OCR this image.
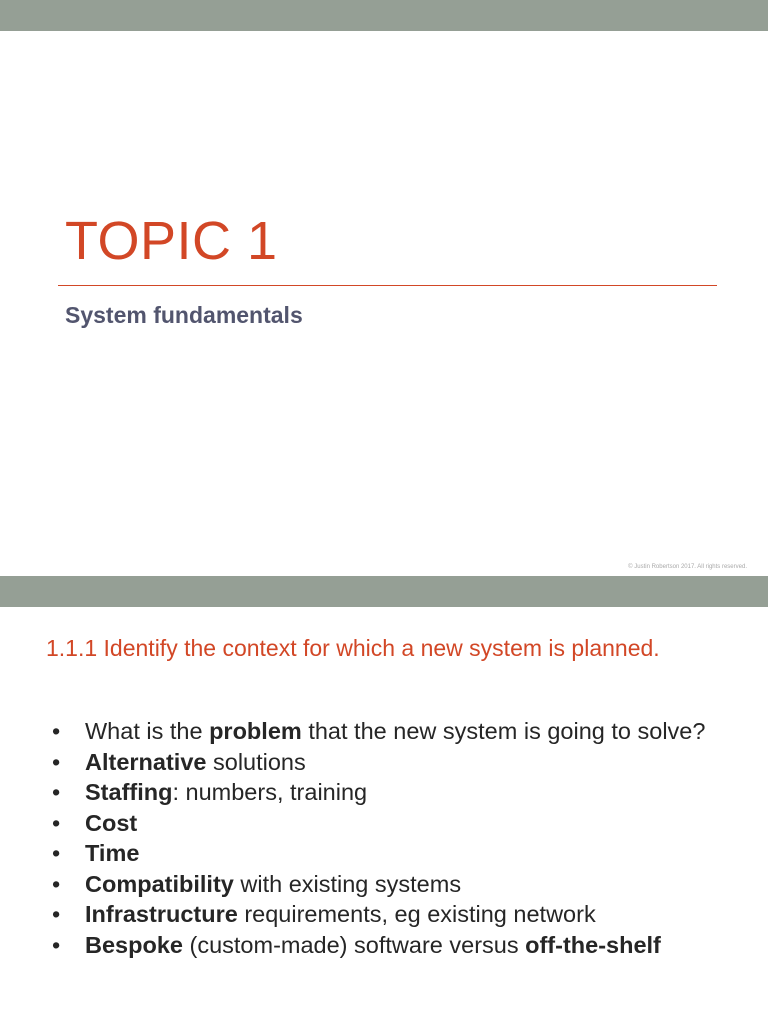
TOPIC 1
System fundamentals
© Justin Robertson 2017. All rights reserved.
1.1.1 Identify the context for which a new system is planned.
• What is the problem that the new system is going to solve?
• Alternative solutions
• Staffing: numbers, training
• Cost
• Time
• Compatibility with existing systems
• Infrastructure requirements, eg existing network
• Bespoke (custom-made) software versus off-the-shelf
